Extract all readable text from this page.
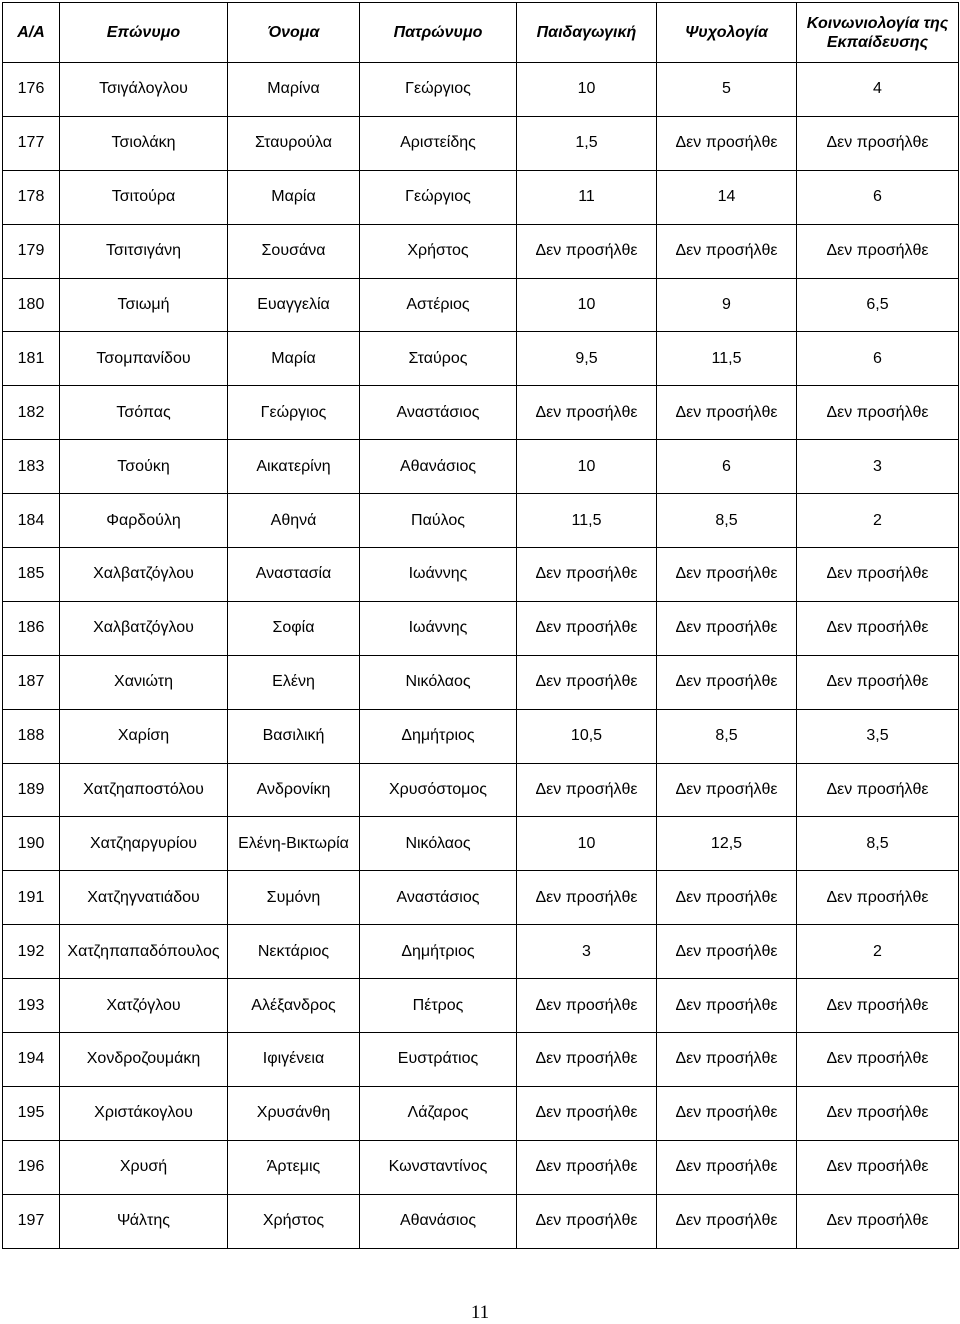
Α/Α	Επώνυμο	Όνομα	Πατρώνυμο	Παιδαγωγική	Ψυχολογία	Κοινωνιολογία της Εκπαίδευσης
176	Τσιγάλογλου	Μαρίνα	Γεώργιος	10	5	4
177	Τσιολάκη	Σταυρούλα	Αριστείδης	1,5	Δεν προσήλθε	Δεν προσήλθε
178	Τσιτούρα	Μαρία	Γεώργιος	11	14	6
179	Τσιτσιγάνη	Σουσάνα	Χρήστος	Δεν προσήλθε	Δεν προσήλθε	Δεν προσήλθε
180	Τσιωμή	Ευαγγελία	Αστέριος	10	9	6,5
181	Τσομπανίδου	Μαρία	Σταύρος	9,5	11,5	6
182	Τσόπας	Γεώργιος	Αναστάσιος	Δεν προσήλθε	Δεν προσήλθε	Δεν προσήλθε
183	Τσούκη	Αικατερίνη	Αθανάσιος	10	6	3
184	Φαρδούλη	Αθηνά	Παύλος	11,5	8,5	2
185	Χαλβατζόγλου	Αναστασία	Ιωάννης	Δεν προσήλθε	Δεν προσήλθε	Δεν προσήλθε
186	Χαλβατζόγλου	Σοφία	Ιωάννης	Δεν προσήλθε	Δεν προσήλθε	Δεν προσήλθε
187	Χανιώτη	Ελένη	Νικόλαος	Δεν προσήλθε	Δεν προσήλθε	Δεν προσήλθε
188	Χαρίση	Βασιλική	Δημήτριος	10,5	8,5	3,5
189	Χατζηαποστόλου	Ανδρονίκη	Χρυσόστομος	Δεν προσήλθε	Δεν προσήλθε	Δεν προσήλθε
190	Χατζηαργυρίου	Ελένη-Βικτωρία	Νικόλαος	10	12,5	8,5
191	Χατζηγνατιάδου	Συμόνη	Αναστάσιος	Δεν προσήλθε	Δεν προσήλθε	Δεν προσήλθε
192	Χατζηπαπαδόπουλος	Νεκτάριος	Δημήτριος	3	Δεν προσήλθε	2
193	Χατζόγλου	Αλέξανδρος	Πέτρος	Δεν προσήλθε	Δεν προσήλθε	Δεν προσήλθε
194	Χονδροζουμάκη	Ιφιγένεια	Ευστράτιος	Δεν προσήλθε	Δεν προσήλθε	Δεν προσήλθε
195	Χριστάκογλου	Χρυσάνθη	Λάζαρος	Δεν προσήλθε	Δεν προσήλθε	Δεν προσήλθε
196	Χρυσή	Άρτεμις	Κωνσταντίνος	Δεν προσήλθε	Δεν προσήλθε	Δεν προσήλθε
197	Ψάλτης	Χρήστος	Αθανάσιος	Δεν προσήλθε	Δεν προσήλθε	Δεν προσήλθε
11
